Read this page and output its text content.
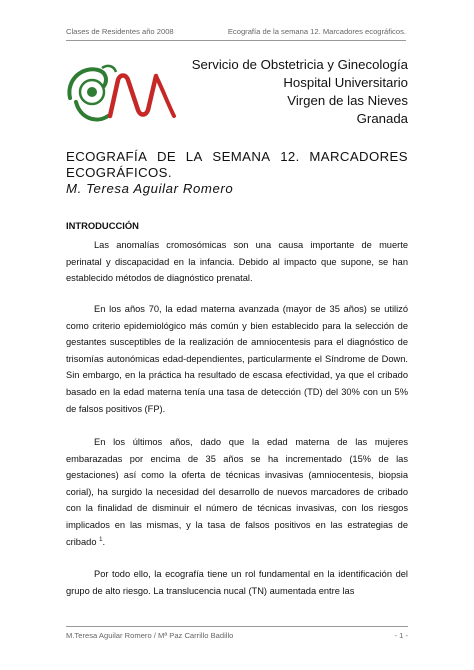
Clases de Residentes año 2008	Ecografía de la semana 12. Marcadores ecográficos.
Servicio de Obstetricia y Ginecología
Hospital Universitario
Virgen de las Nieves
Granada
ECOGRAFÍA DE LA SEMANA 12. MARCADORES
ECOGRÁFICOS.
M. Teresa Aguilar Romero
INTRODUCCIÓN
Las anomalías cromosómicas son una causa importante de muerte perinatal y discapacidad en la infancia. Debido al impacto que supone, se han establecido métodos de diagnóstico prenatal.
En los años 70, la edad materna avanzada (mayor de 35 años) se utilizó como criterio epidemiológico más común y bien establecido para la selección de gestantes susceptibles de la realización de amniocentesis para el diagnóstico de trisomías autonómicas edad-dependientes, particularmente el Síndrome de Down. Sin embargo, en la práctica ha resultado de escasa efectividad, ya que el cribado basado en la edad materna tenía una tasa de detección (TD) del 30% con un 5% de falsos positivos (FP).
En los últimos años, dado que la edad materna de las mujeres embarazadas por encima de 35 años se ha incrementado (15% de las gestaciones) así como la oferta de técnicas invasivas (amniocentesis, biopsia corial), ha surgido la necesidad del desarrollo de nuevos marcadores de cribado con la finalidad de disminuir el número de técnicas invasivas, con los riesgos implicados en las mismas, y la tasa de falsos positivos en las estrategias de cribado $^1$.
Por todo ello, la ecografía tiene un rol fundamental en la identificación del grupo de alto riesgo. La translucencia nucal (TN) aumentada entre las
M.Teresa Aguilar Romero / Mª Paz Carrillo Badillo	- 1 -
